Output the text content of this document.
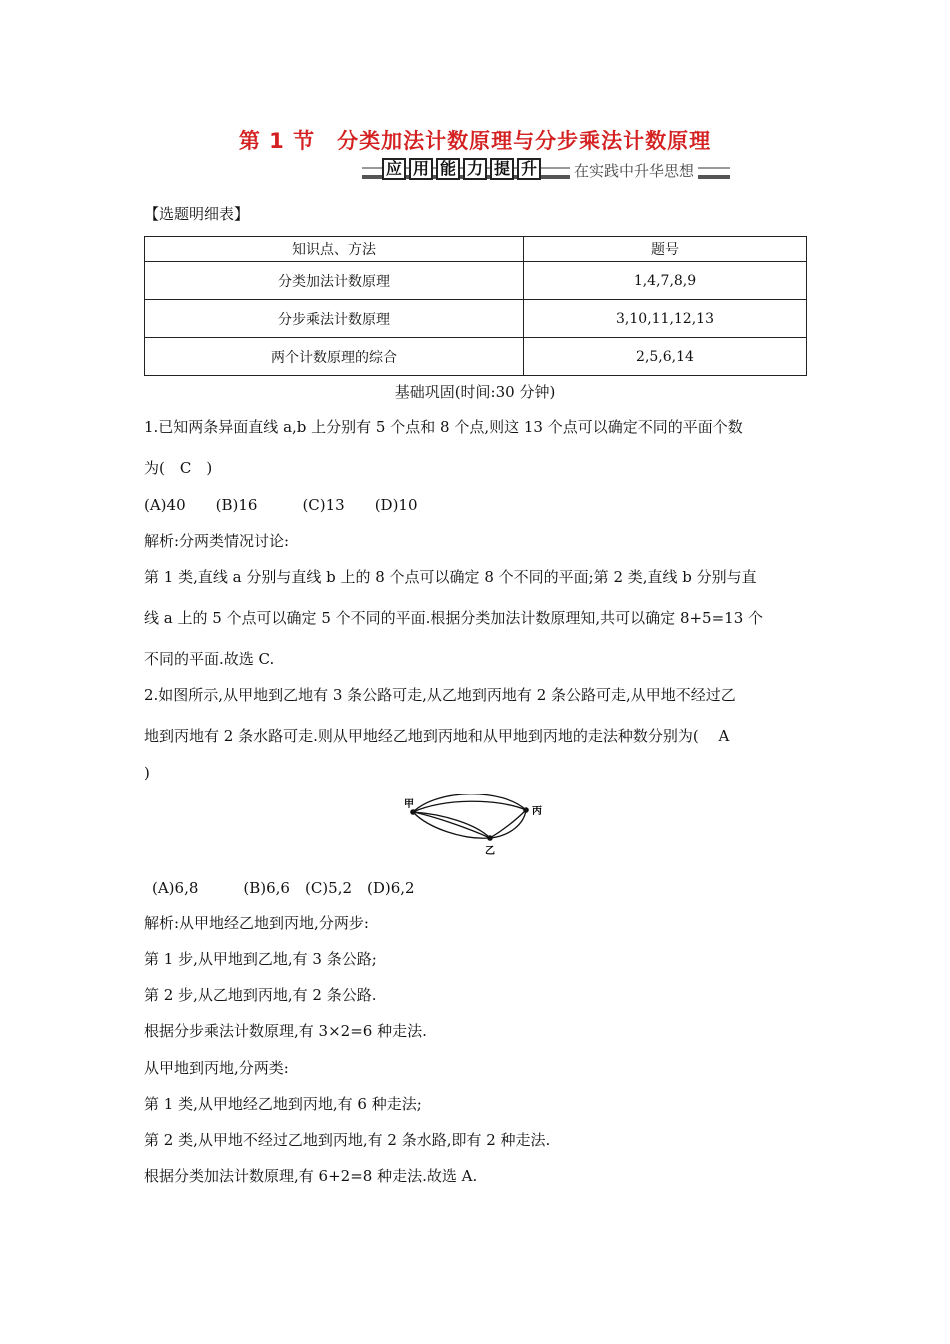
第 1 节　分类加法计数原理与分步乘法计数原理
应 用 能 力 提 升 在实践中升华思想
【选题明细表】
知识点、方法	题号
分类加法计数原理	1,4,7,8,9
分步乘法计数原理	3,10,11,12,13
两个计数原理的综合	2,5,6,14
基础巩固(时间:30 分钟)
1.已知两条异面直线 a,b 上分别有 5 个点和 8 个点,则这 13 个点可以确定不同的平面个数
为(　C　)
(A)40　　(B)16　　　(C)13　　(D)10
解析:分两类情况讨论:
第 1 类,直线 a 分别与直线 b 上的 8 个点可以确定 8 个不同的平面;第 2 类,直线 b 分别与直
线 a 上的 5 个点可以确定 5 个不同的平面.根据分类加法计数原理知,共可以确定 8+5=13 个
不同的平面.故选 C.
2.如图所示,从甲地到乙地有 3 条公路可走,从乙地到丙地有 2 条公路可走,从甲地不经过乙
地到丙地有 2 条水路可走.则从甲地经乙地到丙地和从甲地到丙地的走法种数分别为(　 A
)
甲
丙
乙
(A)6,8　　　(B)6,6　(C)5,2　(D)6,2
解析:从甲地经乙地到丙地,分两步:
第 1 步,从甲地到乙地,有 3 条公路;
第 2 步,从乙地到丙地,有 2 条公路.
根据分步乘法计数原理,有 3×2=6 种走法.
从甲地到丙地,分两类:
第 1 类,从甲地经乙地到丙地,有 6 种走法;
第 2 类,从甲地不经过乙地到丙地,有 2 条水路,即有 2 种走法.
根据分类加法计数原理,有 6+2=8 种走法.故选 A.
